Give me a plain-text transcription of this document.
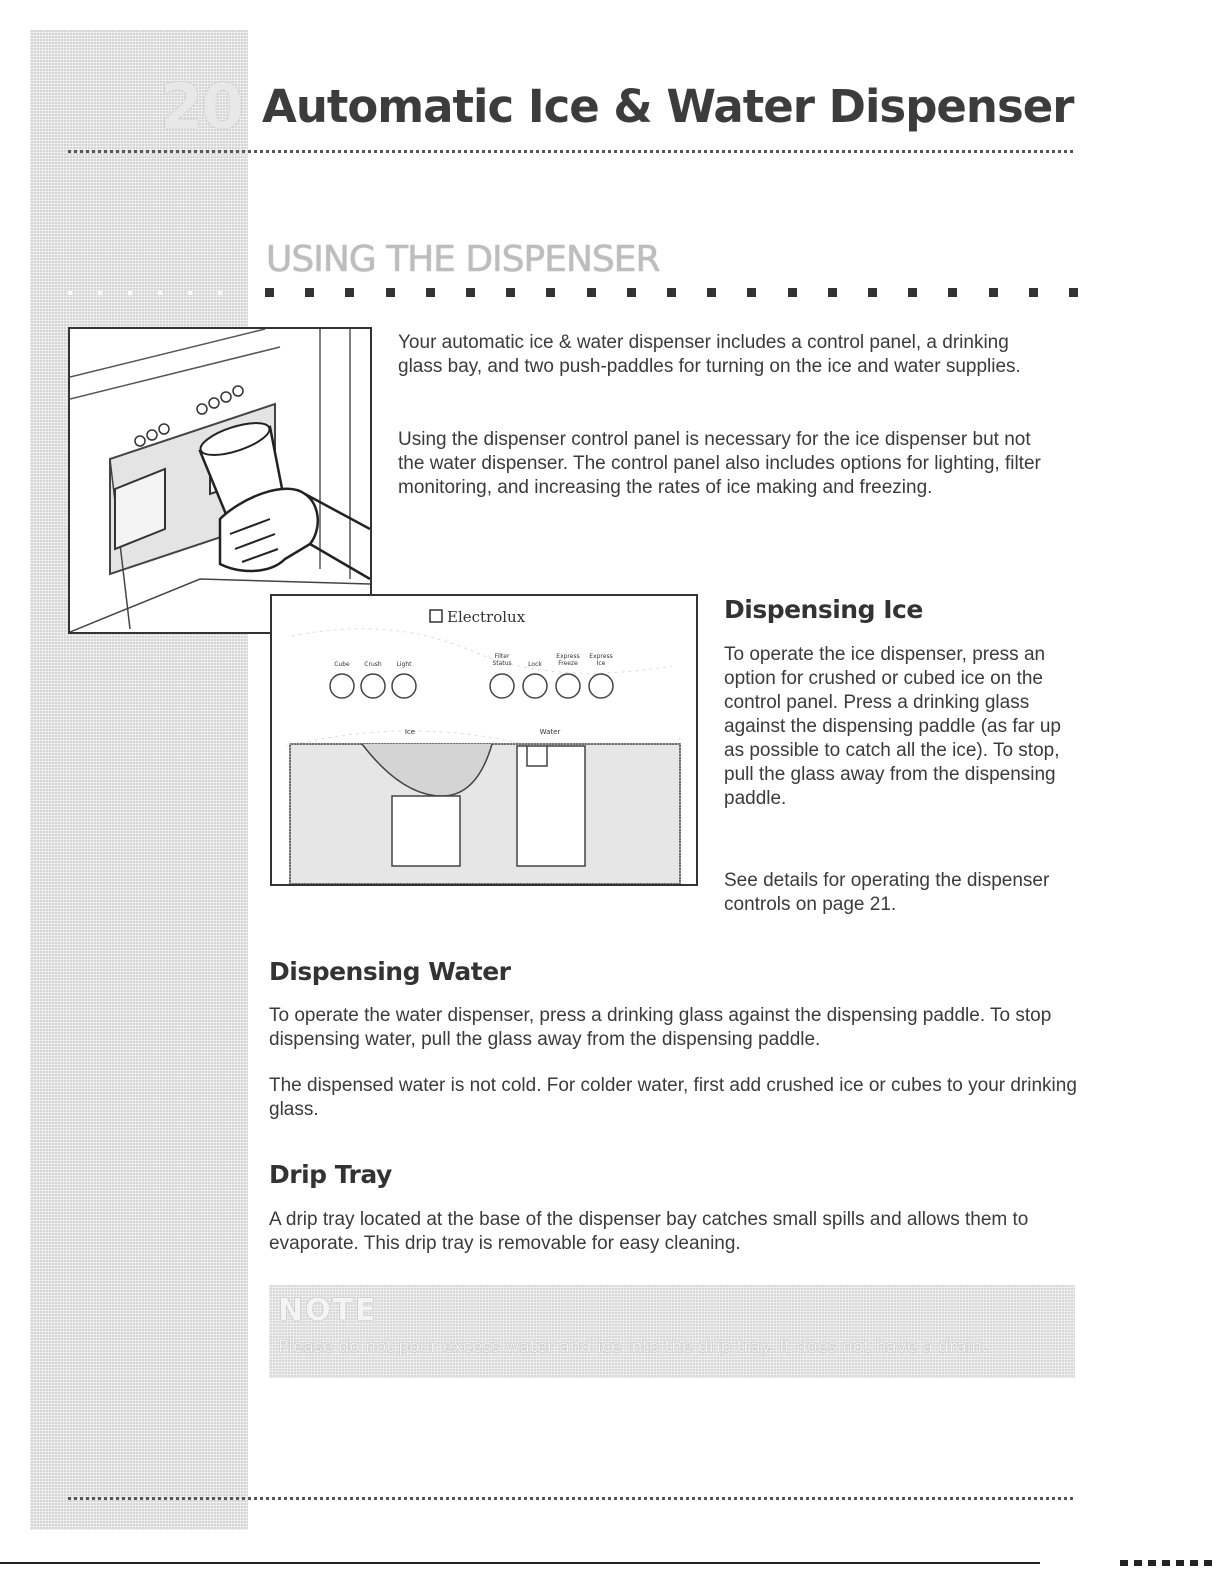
20 Automatic Ice & Water Dispenser
USING THE DISPENSER
Electrolux
Cube Crush Light
Filter Status	Lock
Express Freeze
Express Ice
Ice	Water

Your automatic ice & water dispenser includes a control panel, a drinking glass bay, and two push-paddles for turning on the ice and water supplies.

Using the dispenser control panel is necessary for the ice dispenser but not the water dispenser. The control panel also includes options for lighting, filter monitoring, and increasing the rates of ice making and freezing.

Dispensing Ice

To operate the ice dispenser, press an option for crushed or cubed ice on the control panel. Press a drinking glass against the dispensing paddle (as far up as possible to catch all the ice). To stop, pull the glass away from the dispensing paddle.

See details for operating the dispenser controls on page 21.

Dispensing Water

To operate the water dispenser, press a drinking glass against the dispensing paddle. To stop dispensing water, pull the glass away from the dispensing paddle.

The dispensed water is not cold. For colder water, first add crushed ice or cubes to your drinking glass.

Drip Tray

A drip tray located at the base of the dispenser bay catches small spills and allows them to evaporate. This drip tray is removable for easy cleaning.

NOTE
Please do not pour excess water and ice into the drip tray. It does not have a drain.
